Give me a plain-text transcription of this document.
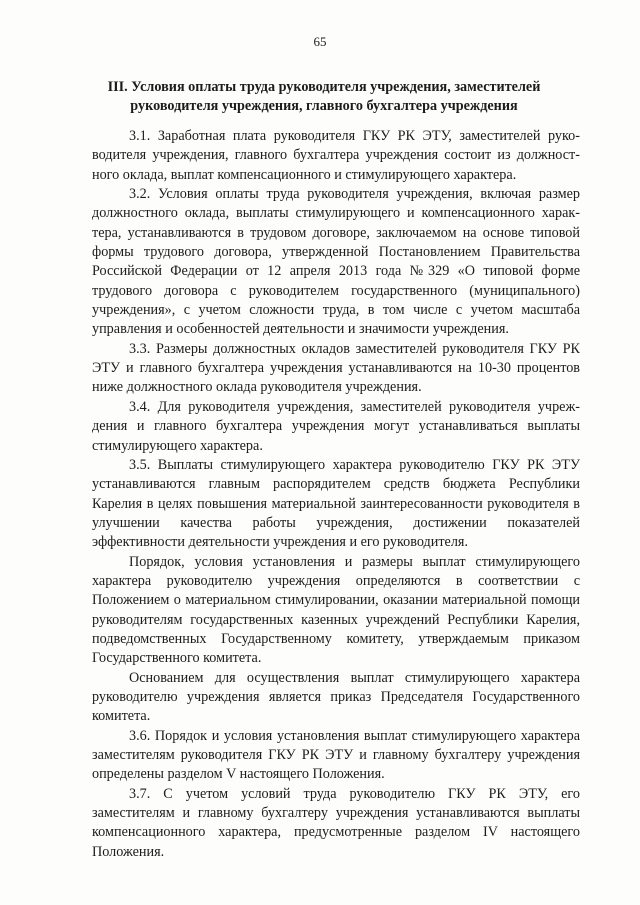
65
III. Условия оплаты труда руководителя учреждения, заместителей руководителя учреждения, главного бухгалтера учреждения

3.1. Заработная плата руководителя ГКУ РК ЭТУ, заместителей руководителя учреждения, главного бухгалтера учреждения состоит из должностного оклада, выплат компенсационного и стимулирующего характера.

3.2. Условия оплаты труда руководителя учреждения, включая размер должностного оклада, выплаты стимулирующего и компенсационного характера, устанавливаются в трудовом договоре, заключаемом на основе типовой формы трудового договора, утвержденной Постановлением Правительства Российской Федерации от 12 апреля 2013 года №329 «О типовой форме трудового договора с руководителем государственного (муниципального) учреждения», с учетом сложности труда, в том числе с учетом масштаба управления и особенностей деятельности и значимости учреждения.

3.3. Размеры должностных окладов заместителей руководителя ГКУ РК ЭТУ и главного бухгалтера учреждения устанавливаются на 10-30 процентов ниже должностного оклада руководителя учреждения.

3.4. Для руководителя учреждения, заместителей руководителя учреждения и главного бухгалтера учреждения могут устанавливаться выплаты стимулирующего характера.

3.5. Выплаты стимулирующего характера руководителю ГКУ РК ЭТУ устанавливаются главным распорядителем средств бюджета Республики Карелия в целях повышения материальной заинтересованности руководителя в улучшении качества работы учреждения, достижении показателей эффективности деятельности учреждения и его руководителя.

Порядок, условия установления и размеры выплат стимулирующего характера руководителю учреждения определяются в соответствии с Положением о материальном стимулировании, оказании материальной помощи руководителям государственных казенных учреждений Республики Карелия, подведомственных Государственному комитету, утверждаемым приказом Государственного комитета.

Основанием для осуществления выплат стимулирующего характера руководителю учреждения является приказ Председателя Государственного комитета.

3.6. Порядок и условия установления выплат стимулирующего характера заместителям руководителя ГКУ РК ЭТУ и главному бухгалтеру учреждения определены разделом V настоящего Положения.

3.7. С учетом условий труда руководителю ГКУ РК ЭТУ, его заместителям и главному бухгалтеру учреждения устанавливаются выплаты компенсационного характера, предусмотренные разделом IV настоящего Положения.
